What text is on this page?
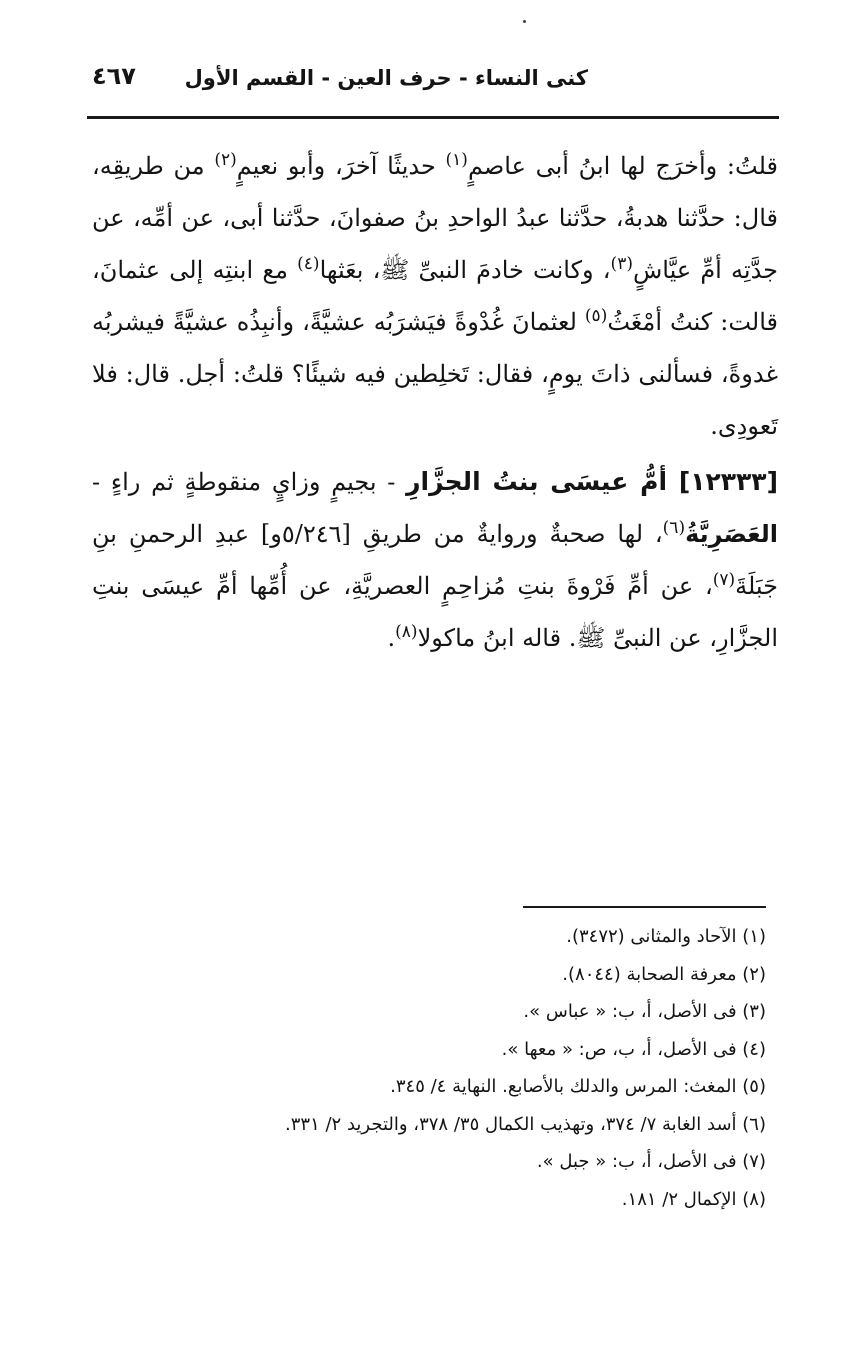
كنى النساء - حرف العين - القسم الأول
٤٦٧

قلتُ: وأخرَج لها ابنُ أبى عاصمٍ$^{(١)}$ حديثًا آخرَ، وأبو نعيمٍ$^{(٢)}$ من طريقِه، قال: حدَّثنا هدبةُ، حدَّثنا عبدُ الواحدِ بنُ صفوانَ، حدَّثنا أبى، عن أمِّه، عن جدَّتِه أمِّ عيَّاشٍ$^{(٣)}$، وكانت خادمَ النبىِّ ﷺ، بعَثها$^{(٤)}$ مع ابنتِه إلى عثمانَ، قالت: كنتُ أمْغَثُ$^{(٥)}$ لعثمانَ غُدْوةً فيَشرَبُه عشيَّةً، وأنبِذُه عشيَّةً فيشربُه غدوةً، فسألنى ذاتَ يومٍ، فقال: تَخلِطين فيه شيئًا؟ قلتُ: أجل. قال: فلا تَعودِى.

[١٢٣٣٣] أمُّ عيسَى بنتُ الجزَّارِ - بجيمٍ وزايٍ منقوطةٍ ثم راءٍ - العَصَرِيَّةُ$^{(٦)}$، لها صحبةٌ وروايةٌ من طريقِ [٥/٢٤٦و] عبدِ الرحمنِ بنِ جَبَلَةَ$^{(٧)}$، عن أمِّ فَرْوةَ بنتِ مُزاحِمٍ العصريَّةِ، عن أُمِّها أمِّ عيسَى بنتِ الجزَّارِ، عن النبىِّ ﷺ. قاله ابنُ ماكولا$^{(٨)}$.

(١) الآحاد والمثانى (٣٤٧٢).

(٢) معرفة الصحابة (٨٠٤٤).

(٣) فى الأصل، أ، ب: « عباس ».

(٤) فى الأصل، أ، ب، ص: « معها ».

(٥) المغث: المرس والدلك بالأصابع. النهاية ٤/ ٣٤٥.

(٦) أسد الغابة ٧/ ٣٧٤، وتهذيب الكمال ٣٥/ ٣٧٨، والتجريد ٢/ ٣٣١.

(٧) فى الأصل، أ، ب: « جبل ».

(٨) الإكمال ٢/ ١٨١.
